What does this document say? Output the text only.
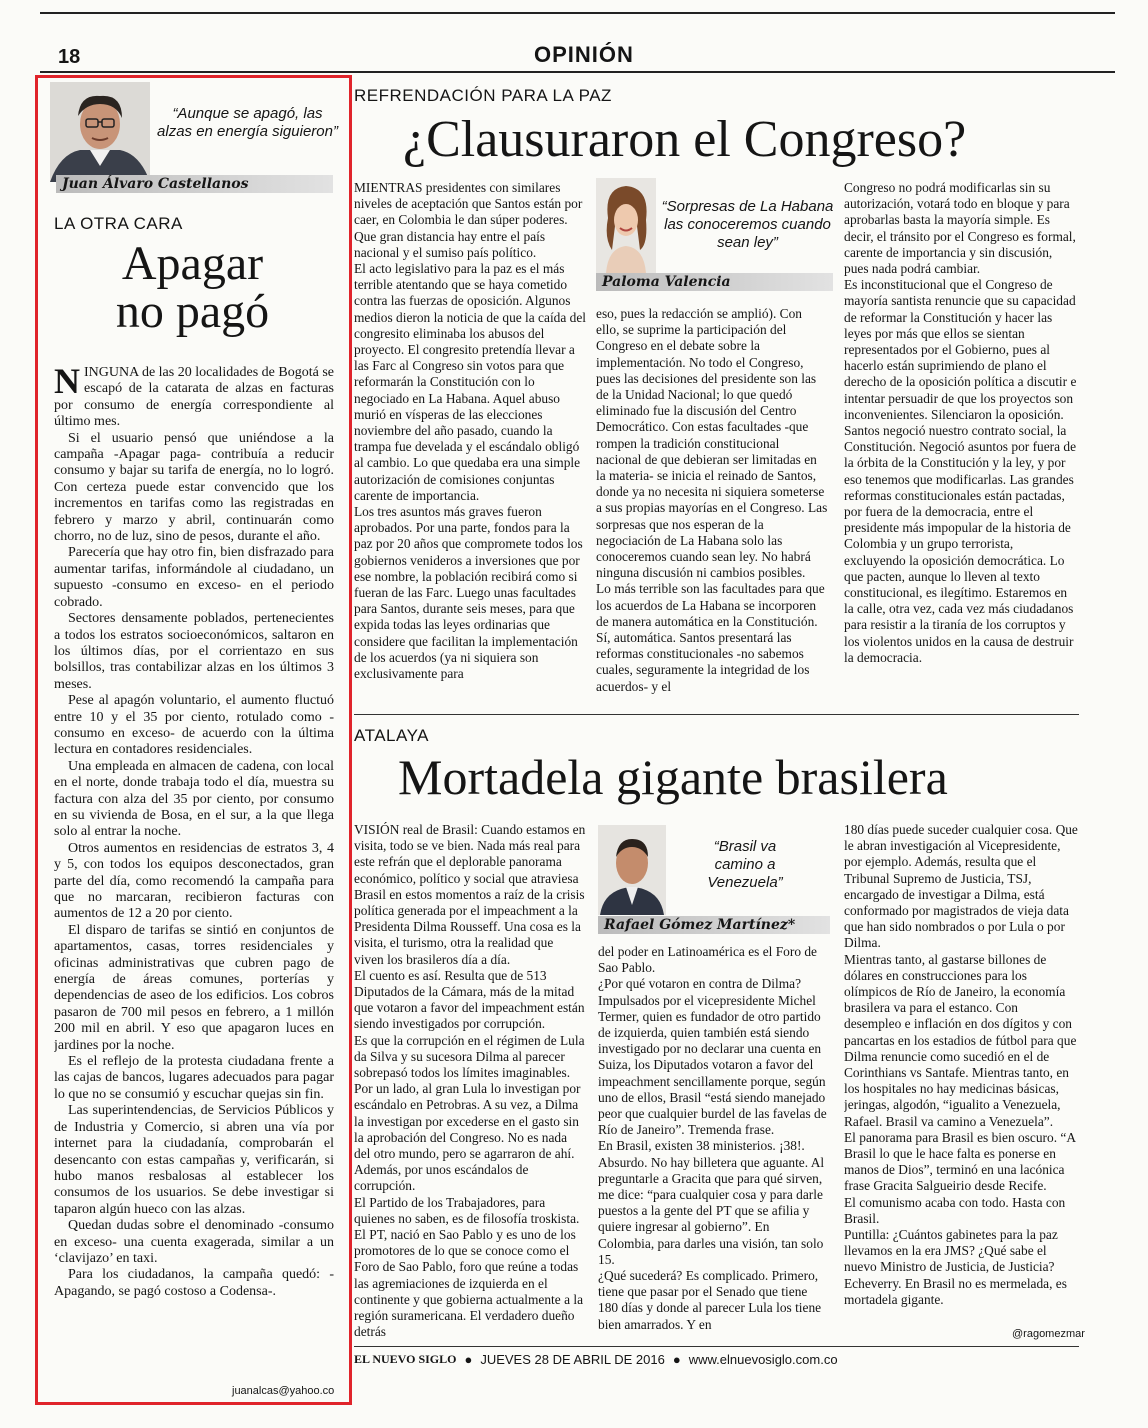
18	OPINIÓN
“Aunque se apagó, las alzas en energía siguieron”
Juan Álvaro Castellanos
LA OTRA CARA
Apagar
no pagó

NINGUNA de las 20 localidades de Bogotá se escapó de la catarata de alzas en facturas por consumo de energía correspondiente al último mes.

Si el usuario pensó que uniéndose a la campaña -Apagar paga- contribuía a reducir consumo y bajar su tarifa de energía, no lo logró. Con certeza puede estar convencido que los incrementos en tarifas como las registradas en febrero y marzo y abril, continuarán como chorro, no de luz, sino de pesos, durante el año.

Parecería que hay otro fin, bien disfrazado para aumentar tarifas, informándole al ciudadano, un supuesto -consumo en exceso- en el periodo cobrado.

Sectores densamente poblados, pertenecientes a todos los estratos socioeconómicos, saltaron en los últimos días, por el corrientazo en sus bolsillos, tras contabilizar alzas en los últimos 3 meses.

Pese al apagón voluntario, el aumento fluctuó entre 10 y el 35 por ciento, rotulado como -consumo en exceso- de acuerdo con la última lectura en contadores residenciales.

Una empleada en almacen de cadena, con local en el norte, donde trabaja todo el día, muestra su factura con alza del 35 por ciento, por consumo en su vivienda de Bosa, en el sur, a la que llega solo al entrar la noche.

Otros aumentos en residencias de estratos 3, 4 y 5, con todos los equipos desconectados, gran parte del día, como recomendó la campaña para que no marcaran, recibieron facturas con aumentos de 12 a 20 por ciento.

El disparo de tarifas se sintió en conjuntos de apartamentos, casas, torres residenciales y oficinas administrativas que cubren pago de energía de áreas comunes, porterías y dependencias de aseo de los edificios. Los cobros pasaron de 700 mil pesos en febrero, a 1 millón 200 mil en abril. Y eso que apagaron luces en jardines por la noche.

Es el reflejo de la protesta ciudadana frente a las cajas de bancos, lugares adecuados para pagar lo que no se consumió y escuchar quejas sin fin.

Las superintendencias, de Servicios Públicos y de Industria y Comercio, si abren una vía por internet para la ciudadanía, comprobarán el desencanto con estas campañas y, verificarán, si hubo manos resbalosas al establecer los consumos de los usuarios. Se debe investigar si taparon algún hueco con las alzas.

Quedan dudas sobre el denominado -consumo en exceso- una cuenta exagerada, similar a un ‘clavijazo’ en taxi.

Para los ciudadanos, la campaña quedó: -Apagando, se pagó costoso a Codensa-.

juanalcas@yahoo.co
REFRENDACIÓN PARA LA PAZ
¿Clausuraron el Congreso?

MIENTRAS presidentes con similares niveles de aceptación que Santos están por caer, en Colombia le dan súper poderes. Que gran distancia hay entre el país nacional y el sumiso país político.

El acto legislativo para la paz es el más terrible atentando que se haya cometido contra las fuerzas de oposición. Algunos medios dieron la noticia de que la caída del congresito eliminaba los abusos del proyecto. El congresito pretendía llevar a las Farc al Congreso sin votos para que reformarán la Constitución con lo negociado en La Habana. Aquel abuso murió en vísperas de las elecciones noviembre del año pasado, cuando la trampa fue develada y el escándalo obligó al cambio. Lo que quedaba era una simple autorización de comisiones conjuntas carente de importancia.

Los tres asuntos más graves fueron aprobados. Por una parte, fondos para la paz por 20 años que compromete todos los gobiernos venideros a inversiones que por ese nombre, la población recibirá como si fueran de las Farc. Luego unas facultades para Santos, durante seis meses, para que expida todas las leyes ordinarias que considere que facilitan la implementación de los acuerdos (ya ni siquiera son exclusivamente para

“Sorpresas de La Habana las conoceremos cuando sean ley”
Paloma Valencia

eso, pues la redacción se amplió). Con ello, se suprime la participación del Congreso en el debate sobre la implementación. No todo el Congreso, pues las decisiones del presidente son las de la Unidad Nacional; lo que quedó eliminado fue la discusión del Centro Democrático. Con estas facultades -que rompen la tradición constitucional nacional de que debieran ser limitadas en la materia- se inicia el reinado de Santos, donde ya no necesita ni siquiera someterse a sus propias mayorías en el Congreso. Las sorpresas que nos esperan de la negociación de La Habana solo las conoceremos cuando sean ley. No habrá ninguna discusión ni cambios posibles.

Lo más terrible son las facultades para que los acuerdos de La Habana se incorporen de manera automática en la Constitución. Sí, automática. Santos presentará las reformas constitucionales -no sabemos cuales, seguramente la integridad de los acuerdos- y el

Congreso no podrá modificarlas sin su autorización, votará todo en bloque y para aprobarlas basta la mayoría simple. Es decir, el tránsito por el Congreso es formal, carente de importancia y sin discusión, pues nada podrá cambiar.

Es inconstitucional que el Congreso de mayoría santista renuncie que su capacidad de reformar la Constitución y hacer las leyes por más que ellos se sientan representados por el Gobierno, pues al hacerlo están suprimiendo de plano el derecho de la oposición política a discutir e intentar persuadir de que los proyectos son inconvenientes. Silenciaron la oposición.

Santos negoció nuestro contrato social, la Constitución. Negoció asuntos por fuera de la órbita de la Constitución y la ley, y por eso tenemos que modificarlas. Las grandes reformas constitucionales están pactadas, por fuera de la democracia, entre el presidente más impopular de la historia de Colombia y un grupo terrorista, excluyendo la oposición democrática. Lo que pacten, aunque lo lleven al texto constitucional, es ilegítimo. Estaremos en la calle, otra vez, cada vez más ciudadanos para resistir a la tiranía de los corruptos y los violentos unidos en la causa de destruir la democracia.

ATALAYA
Mortadela gigante brasilera

VISIÓN real de Brasil: Cuando estamos en visita, todo se ve bien. Nada más real para este refrán que el deplorable panorama económico, político y social que atraviesa Brasil en estos momentos a raíz de la crisis política generada por el impeachment a la Presidenta Dilma Rousseff. Una cosa es la visita, el turismo, otra la realidad que viven los brasileros día a día.

El cuento es así. Resulta que de 513 Diputados de la Cámara, más de la mitad que votaron a favor del impeachment están siendo investigados por corrupción.

Es que la corrupción en el régimen de Lula da Silva y su sucesora Dilma al parecer sobrepasó todos los límites imaginables. Por un lado, al gran Lula lo investigan por escándalo en Petrobras. A su vez, a Dilma la investigan por excederse en el gasto sin la aprobación del Congreso. No es nada del otro mundo, pero se agarraron de ahí. Además, por unos escándalos de corrupción.

El Partido de los Trabajadores, para quienes no saben, es de filosofía troskista. El PT, nació en Sao Pablo y es uno de los promotores de lo que se conoce como el Foro de Sao Pablo, foro que reúne a todas las agremiaciones de izquierda en el continente y que gobierna actualmente a la región suramericana. El verdadero dueño detrás

“Brasil va camino a Venezuela”
Rafael Gómez Martínez*

del poder en Latinoamérica es el Foro de Sao Pablo.

¿Por qué votaron en contra de Dilma? Impulsados por el vicepresidente Michel Termer, quien es fundador de otro partido de izquierda, quien también está siendo investigado por no declarar una cuenta en Suiza, los Diputados votaron a favor del impeachment sencillamente porque, según uno de ellos, Brasil “está siendo manejado peor que cualquier burdel de las favelas de Río de Janeiro”. Tremenda frase.

En Brasil, existen 38 ministerios. ¡38!. Absurdo. No hay billetera que aguante. Al preguntarle a Gracita que para qué sirven, me dice: “para cualquier cosa y para darle puestos a la gente del PT que se afilia y quiere ingresar al gobierno”. En Colombia, para darles una visión, tan solo 15.

¿Qué sucederá? Es complicado. Primero, tiene que pasar por el Senado que tiene 180 días y donde al parecer Lula los tiene bien amarrados. Y en

180 días puede suceder cualquier cosa. Que le abran investigación al Vicepresidente, por ejemplo. Además, resulta que el Tribunal Supremo de Justicia, TSJ, encargado de investigar a Dilma, está conformado por magistrados de vieja data que han sido nombrados o por Lula o por Dilma.

Mientras tanto, al gastarse billones de dólares en construcciones para los olímpicos de Río de Janeiro, la economía brasilera va para el estanco. Con desempleo e inflación en dos dígitos y con pancartas en los estadios de fútbol para que Dilma renuncie como sucedió en el de Corinthians vs Santafe. Mientras tanto, en los hospitales no hay medicinas básicas, jeringas, algodón, “igualito a Venezuela, Rafael. Brasil va camino a Venezuela”.

El panorama para Brasil es bien oscuro. “A Brasil lo que le hace falta es ponerse en manos de Dios”, terminó en una lacónica frase Gracita Salgueirio desde Recife.

El comunismo acaba con todo. Hasta con Brasil.

Puntilla: ¿Cuántos gabinetes para la paz llevamos en la era JMS? ¿Qué sabe el nuevo Ministro de Justicia, de Justicia? Echeverry. En Brasil no es mermelada, es mortadela gigante.

@ragomezmar
EL NUEVO SIGLO ● JUEVES 28 DE ABRIL DE 2016 ● www.elnuevosiglo.com.co
